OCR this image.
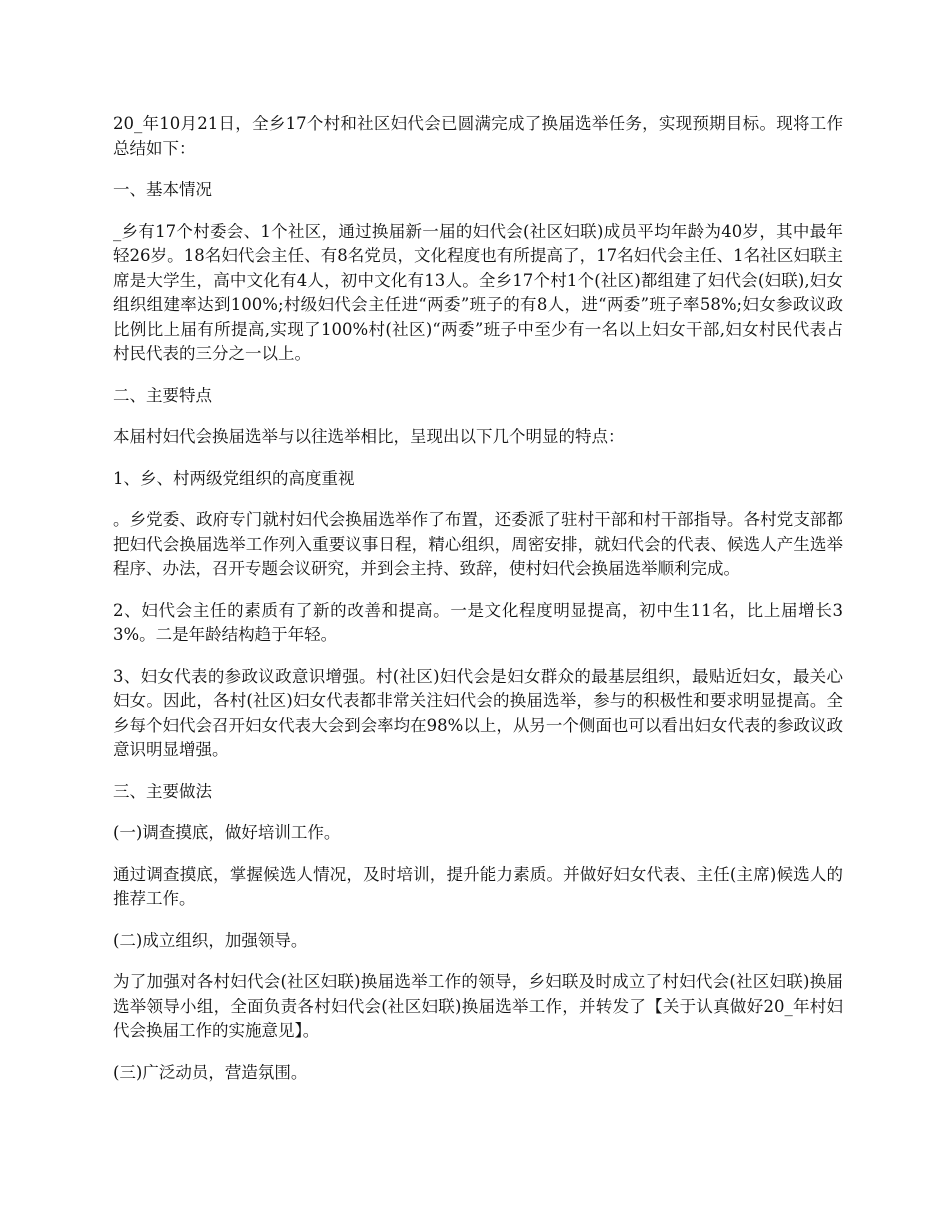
20_年10月21日，全乡17个村和社区妇代会已圆满完成了换届选举任务，实现预期目标。现将工作总结如下：

一、基本情况

_乡有17个村委会、1个社区，通过换届新一届的妇代会(社区妇联)成员平均年龄为40岁，其中最年轻26岁。18名妇代会主任、有8名党员，文化程度也有所提高了，17名妇代会主任、1名社区妇联主席是大学生，高中文化有4人，初中文化有13人。全乡17个村1个(社区)都组建了妇代会(妇联),妇女组织组建率达到100%;村级妇代会主任进“两委”班子的有8人，进“两委”班子率58%;妇女参政议政比例比上届有所提高,实现了100%村(社区)“两委”班子中至少有一名以上妇女干部,妇女村民代表占村民代表的三分之一以上。

二、主要特点

本届村妇代会换届选举与以往选举相比，呈现出以下几个明显的特点：

1、乡、村两级党组织的高度重视

。乡党委、政府专门就村妇代会换届选举作了布置，还委派了驻村干部和村干部指导。各村党支部都把妇代会换届选举工作列入重要议事日程，精心组织，周密安排，就妇代会的代表、候选人产生选举程序、办法，召开专题会议研究，并到会主持、致辞，使村妇代会换届选举顺利完成。

2、妇代会主任的素质有了新的改善和提高。一是文化程度明显提高，初中生11名，比上届增长33%。二是年龄结构趋于年轻。

3、妇女代表的参政议政意识增强。村(社区)妇代会是妇女群众的最基层组织，最贴近妇女，最关心妇女。因此，各村(社区)妇女代表都非常关注妇代会的换届选举，参与的积极性和要求明显提高。全乡每个妇代会召开妇女代表大会到会率均在98%以上，从另一个侧面也可以看出妇女代表的参政议政意识明显增强。

三、主要做法

(一)调查摸底，做好培训工作。

通过调查摸底，掌握候选人情况，及时培训，提升能力素质。并做好妇女代表、主任(主席)候选人的推荐工作。

(二)成立组织，加强领导。

为了加强对各村妇代会(社区妇联)换届选举工作的领导，乡妇联及时成立了村妇代会(社区妇联)换届选举领导小组，全面负责各村妇代会(社区妇联)换届选举工作，并转发了【关于认真做好20_年村妇代会换届工作的实施意见】。

(三)广泛动员，营造氛围。
